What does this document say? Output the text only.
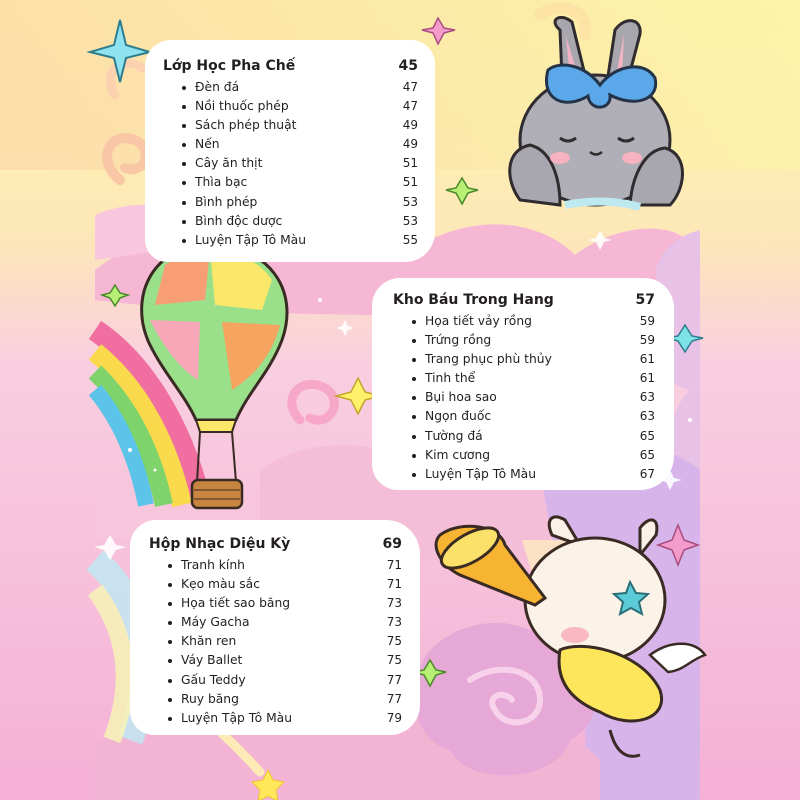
Lớp Học Pha Chế	45
Đèn đá	47
Nồi thuốc phép	47
Sách phép thuật	49
Nến	49
Cây ăn thịt	51
Thìa bạc	51
Bình phép	53
Bình độc dược	53
Luyện Tập Tô Màu	55
Kho Báu Trong Hang	57
Họa tiết vảy rồng	59
Trứng rồng	59
Trang phục phù thủy	61
Tinh thể	61
Bụi hoa sao	63
Ngọn đuốc	63
Tường đá	65
Kim cương	65
Luyện Tập Tô Màu	67
Hộp Nhạc Diệu Kỳ	69
Tranh kính	71
Kẹo màu sắc	71
Họa tiết sao băng	73
Máy Gacha	73
Khăn ren	75
Váy Ballet	75
Gấu Teddy	77
Ruy băng	77
Luyện Tập Tô Màu	79
